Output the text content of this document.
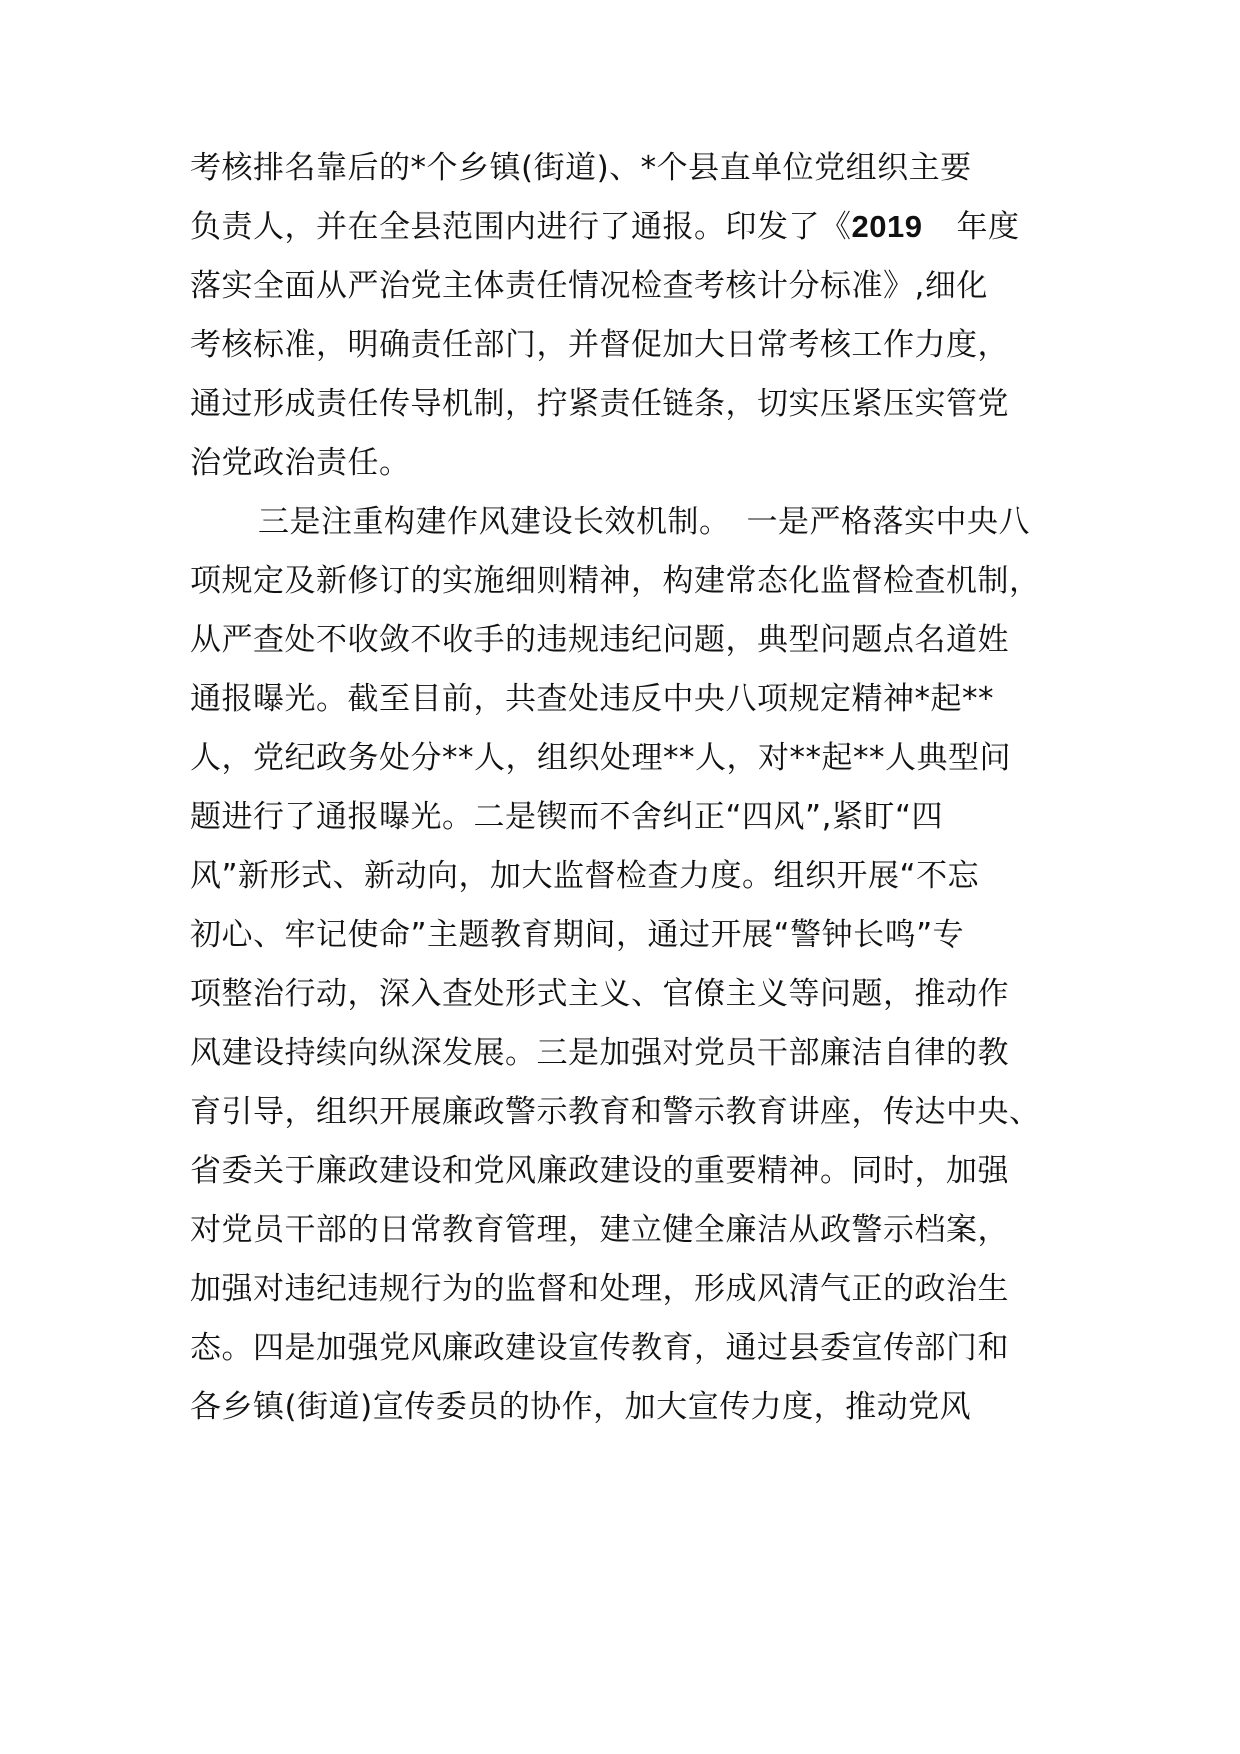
考核排名靠后的*个乡镇(街道)、*个县直单位党组织主要
负责人，并在全县范围内进行了通报。印发了《2019 年度
落实全面从严治党主体责任情况检查考核计分标准》,细化
考核标准，明确责任部门，并督促加大日常考核工作力度，
通过形成责任传导机制，拧紧责任链条，切实压紧压实管党
治党政治责任。
三是注重构建作风建设长效机制。　一是严格落实中央八
项规定及新修订的实施细则精神，构建常态化监督检查机制，
从严查处不收敛不收手的违规违纪问题，典型问题点名道姓
通报曝光。截至目前，共查处违反中央八项规定精神*起**
人，党纪政务处分**人，组织处理**人，对**起**人典型问
题进行了通报曝光。二是锲而不舍纠正“四风”,紧盯“四
风”新形式、新动向，加大监督检查力度。组织开展“不忘
初心、牢记使命”主题教育期间，通过开展“警钟长鸣”专
项整治行动，深入查处形式主义、官僚主义等问题，推动作
风建设持续向纵深发展。三是加强对党员干部廉洁自律的教
育引导，组织开展廉政警示教育和警示教育讲座，传达中央、
省委关于廉政建设和党风廉政建设的重要精神。同时，加强
对党员干部的日常教育管理，建立健全廉洁从政警示档案，
加强对违纪违规行为的监督和处理，形成风清气正的政治生
态。四是加强党风廉政建设宣传教育，通过县委宣传部门和
各乡镇(街道)宣传委员的协作，加大宣传力度，推动党风
